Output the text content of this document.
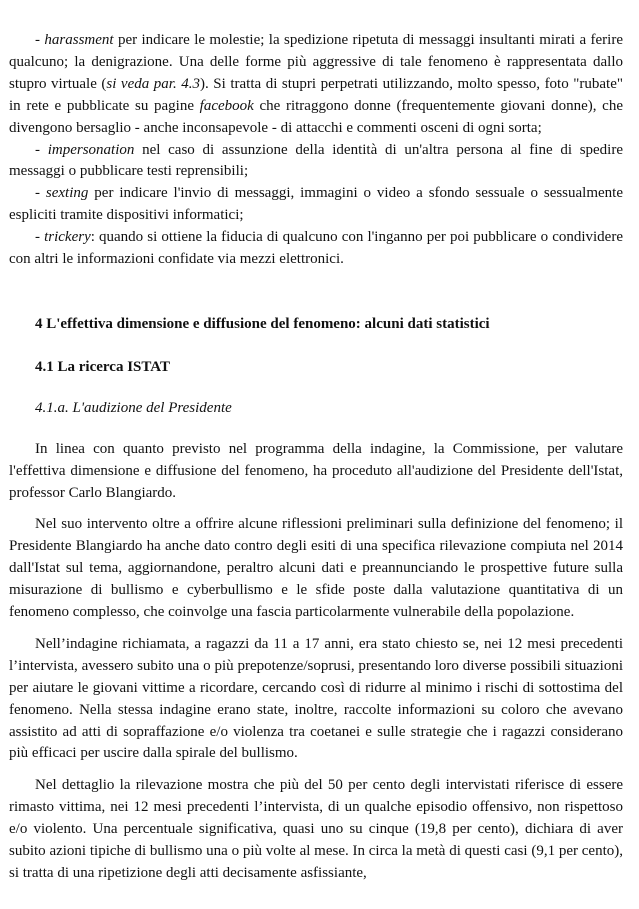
- harassment per indicare le molestie; la spedizione ripetuta di messaggi insultanti mirati a ferire qualcuno; la denigrazione. Una delle forme più aggressive di tale fenomeno è rappresentata dallo stupro virtuale (si veda par. 4.3). Si tratta di stupri perpetrati utilizzando, molto spesso, foto "rubate" in rete e pubblicate su pagine facebook che ritraggono donne (frequentemente giovani donne), che divengono bersaglio - anche inconsapevole - di attacchi e commenti osceni di ogni sorta;

- impersonation nel caso di assunzione della identità di un'altra persona al fine di spedire messaggi o pubblicare testi reprensibili;

- sexting per indicare l'invio di messaggi, immagini o video a sfondo sessuale o sessualmente espliciti tramite dispositivi informatici;

- trickery: quando si ottiene la fiducia di qualcuno con l'inganno per poi pubblicare o condividere con altri le informazioni confidate via mezzi elettronici.

4 L'effettiva dimensione e diffusione del fenomeno: alcuni dati statistici

4.1 La ricerca ISTAT

4.1.a. L'audizione del Presidente

In linea con quanto previsto nel programma della indagine, la Commissione, per valutare l'effettiva dimensione e diffusione del fenomeno, ha proceduto all'audizione del Presidente dell'Istat, professor Carlo Blangiardo.

Nel suo intervento oltre a offrire alcune riflessioni preliminari sulla definizione del fenomeno; il Presidente Blangiardo ha anche dato contro degli esiti di una specifica rilevazione compiuta nel 2014 dall'Istat sul tema, aggiornandone, peraltro alcuni dati e preannunciando le prospettive future sulla misurazione di bullismo e cyberbullismo e le sfide poste dalla valutazione quantitativa di un fenomeno complesso, che coinvolge una fascia particolarmente vulnerabile della popolazione.

Nell’indagine richiamata, a ragazzi da 11 a 17 anni, era stato chiesto se, nei 12 mesi precedenti l’intervista, avessero subito una o più prepotenze/soprusi, presentando loro diverse possibili situazioni per aiutare le giovani vittime a ricordare, cercando così di ridurre al minimo i rischi di sottostima del fenomeno. Nella stessa indagine erano state, inoltre, raccolte informazioni su coloro che avevano assistito ad atti di sopraffazione e/o violenza tra coetanei e sulle strategie che i ragazzi considerano più efficaci per uscire dalla spirale del bullismo.

Nel dettaglio la rilevazione mostra che più del 50 per cento degli intervistati riferisce di essere rimasto vittima, nei 12 mesi precedenti l’intervista, di un qualche episodio offensivo, non rispettoso e/o violento. Una percentuale significativa, quasi uno su cinque (19,8 per cento), dichiara di aver subito azioni tipiche di bullismo una o più volte al mese. In circa la metà di questi casi (9,1 per cento), si tratta di una ripetizione degli atti decisamente asfissiante,
